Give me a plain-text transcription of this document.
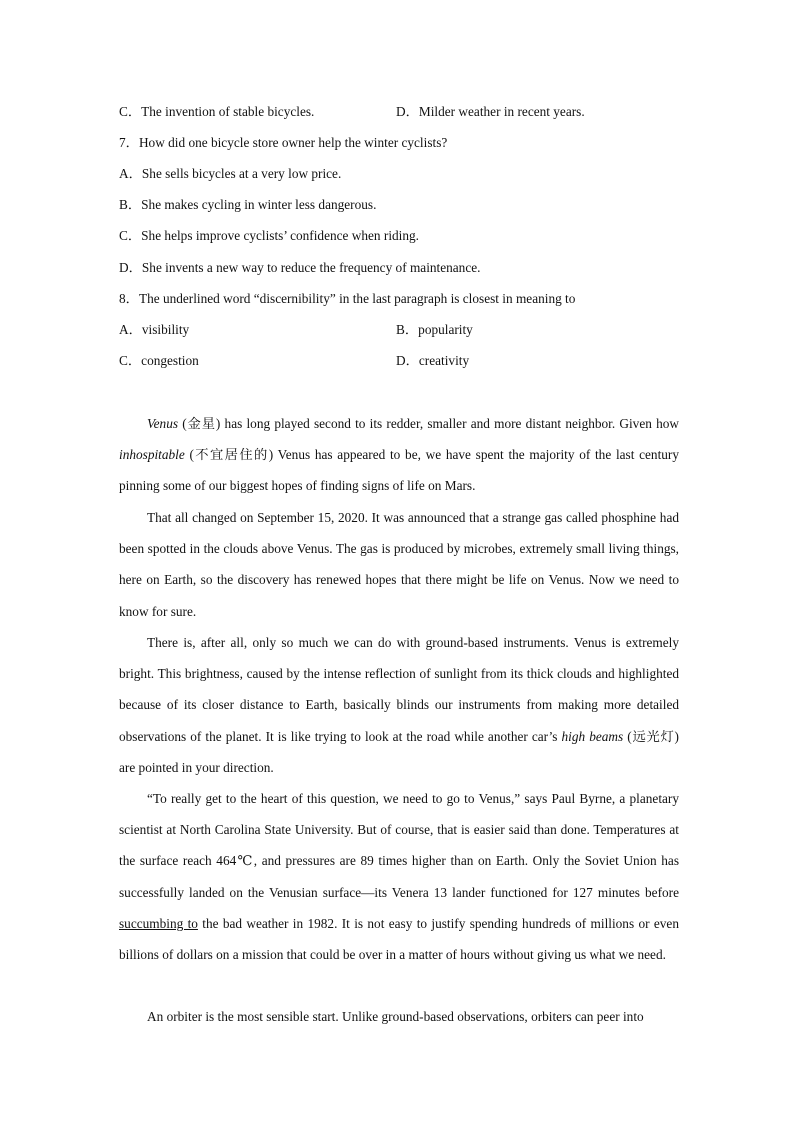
C．The invention of stable bicycles.	D．Milder weather in recent years.
7．How did one bicycle store owner help the winter cyclists?
A．She sells bicycles at a very low price.
B．She makes cycling in winter less dangerous.
C．She helps improve cyclists’ confidence when riding.
D．She invents a new way to reduce the frequency of maintenance.
8．The underlined word “discernibility” in the last paragraph is closest in meaning to
A．visibility	B．popularity
C．congestion	D．creativity
Venus (金星) has long played second to its redder, smaller and more distant neighbor. Given how inhospitable (不宜居住的) Venus has appeared to be, we have spent the majority of the last century pinning some of our biggest hopes of finding signs of life on Mars.
That all changed on September 15, 2020. It was announced that a strange gas called phosphine had been spotted in the clouds above Venus. The gas is produced by microbes, extremely small living things, here on Earth, so the discovery has renewed hopes that there might be life on Venus. Now we need to know for sure.
There is, after all, only so much we can do with ground-based instruments. Venus is extremely bright. This brightness, caused by the intense reflection of sunlight from its thick clouds and highlighted because of its closer distance to Earth, basically blinds our instruments from making more detailed observations of the planet. It is like trying to look at the road while another car’s high beams (远光灯) are pointed in your direction.
“To really get to the heart of this question, we need to go to Venus,” says Paul Byrne, a planetary scientist at North Carolina State University. But of course, that is easier said than done. Temperatures at the surface reach 464℃, and pressures are 89 times higher than on Earth. Only the Soviet Union has successfully landed on the Venusian surface—its Venera 13 lander functioned for 127 minutes before succumbing to the bad weather in 1982. It is not easy to justify spending hundreds of millions or even billions of dollars on a mission that could be over in a matter of hours without giving us what we need.
An orbiter is the most sensible start. Unlike ground-based observations, orbiters can peer into
